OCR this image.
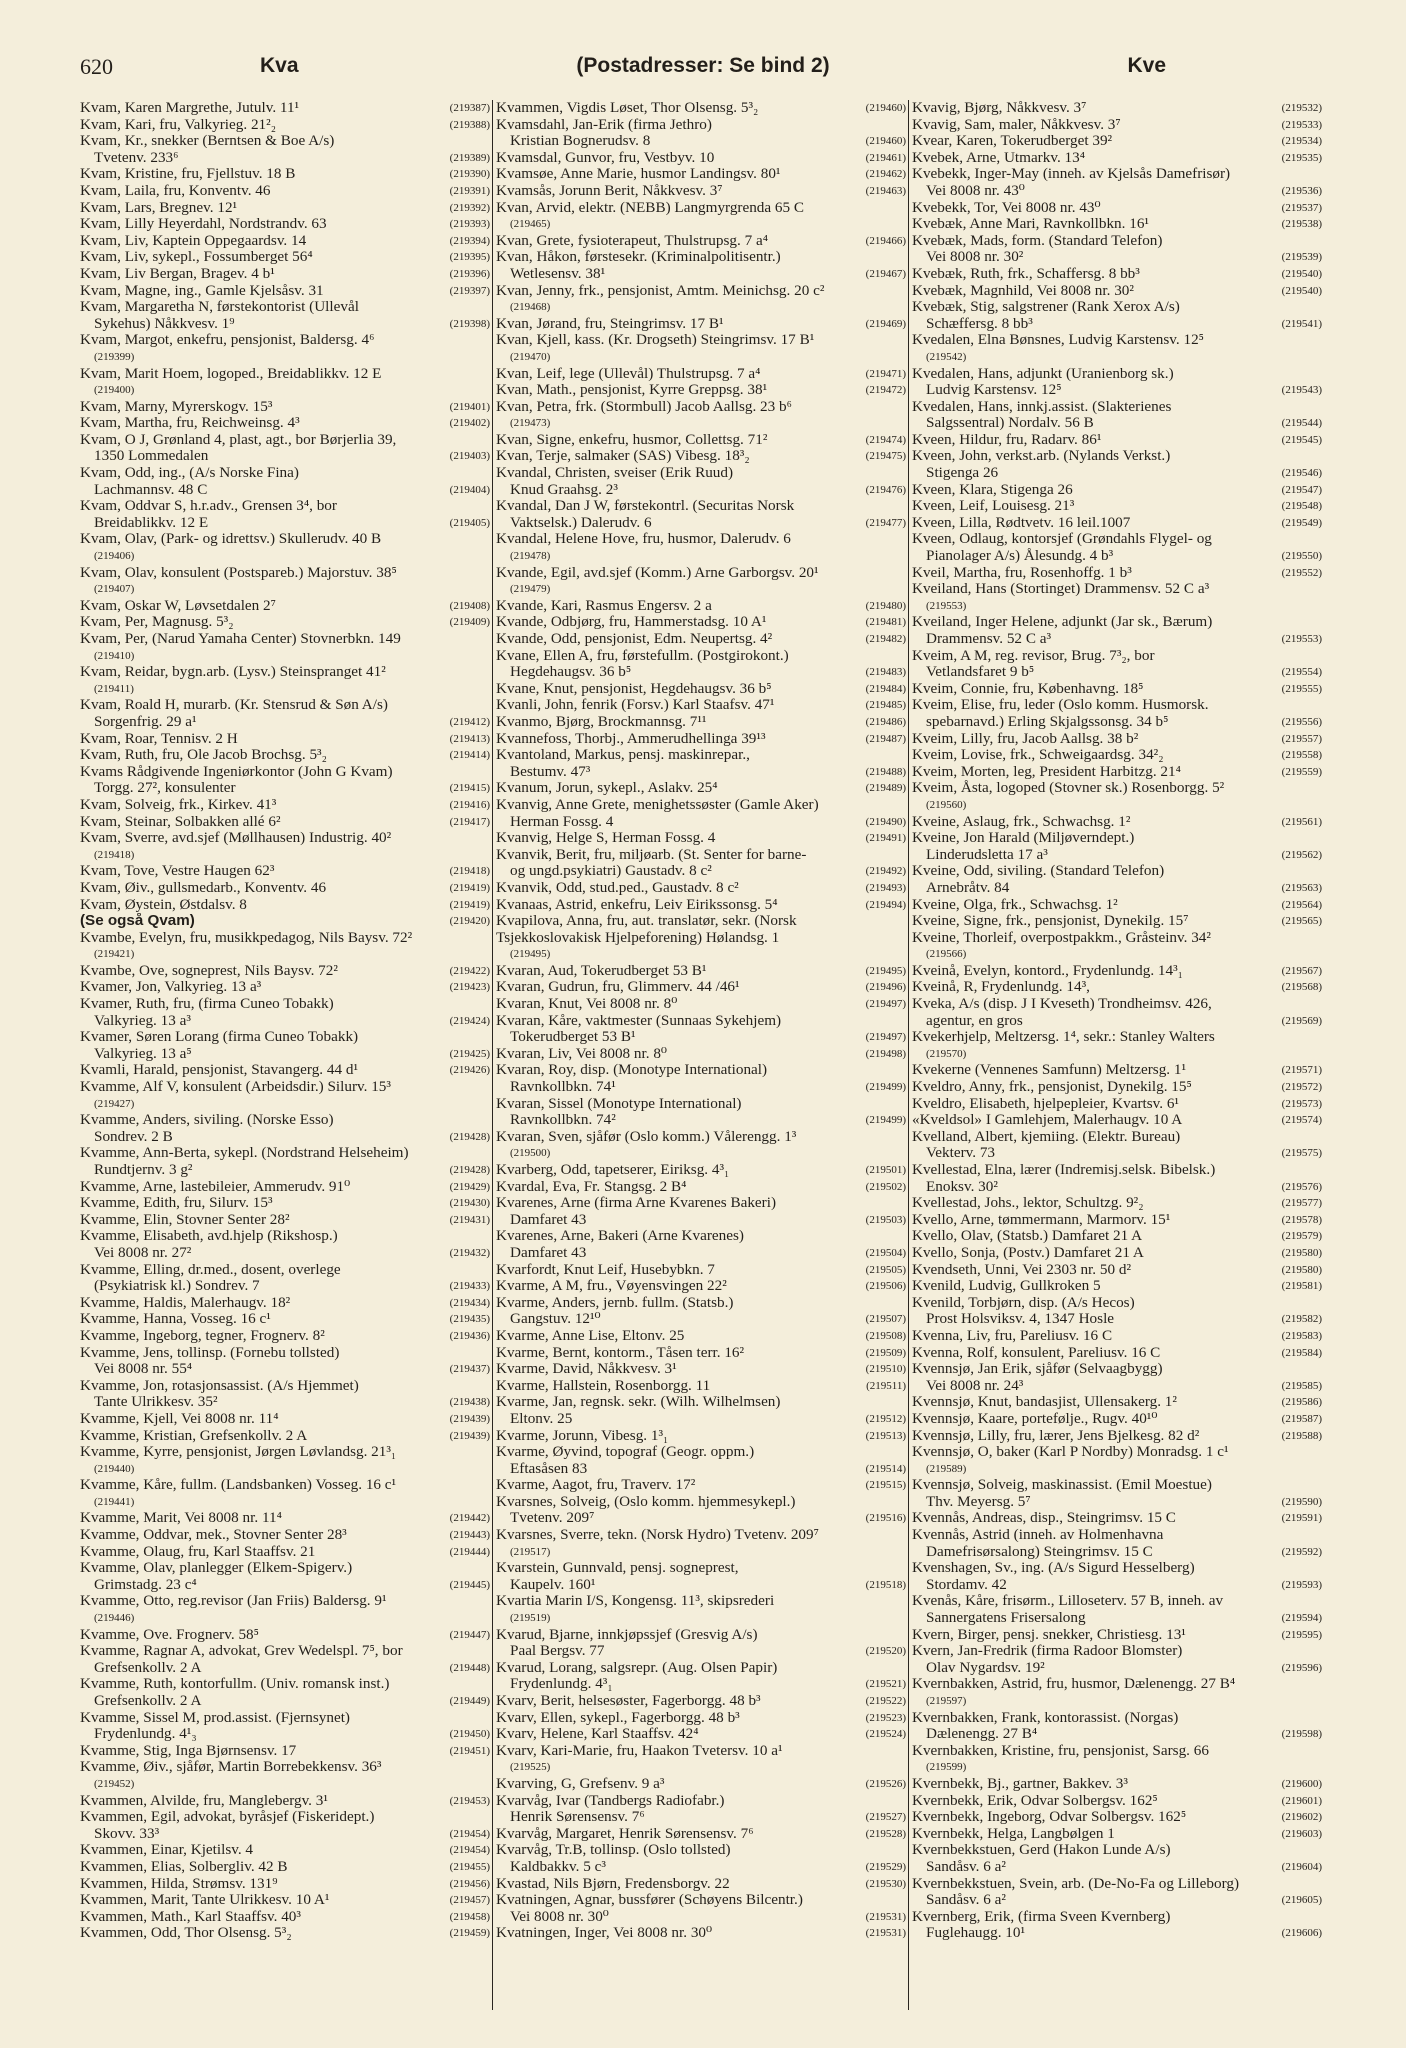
620	Kva	(Postadresser: Se bind 2)	Kve
Kvam, Karen Margrethe, Jutulv. 11¹	(219387)
Kvam, Kari, fru, Valkyrieg. 21²₂	(219388)
Kvam, Kr., snekker (Berntsen & Boe A/s)
Tvetenv. 233⁶	(219389)
Kvam, Kristine, fru, Fjellstuv. 18 B	(219390)
Kvam, Laila, fru, Konventv. 46	(219391)
Kvam, Lars, Bregnev. 12¹	(219392)
Kvam, Lilly Heyerdahl, Nordstrandv. 63	(219393)
Kvam, Liv, Kaptein Oppegaardsv. 14	(219394)
Kvam, Liv, sykepl., Fossumberget 56⁴	(219395)
Kvam, Liv Bergan, Bragev. 4 b¹	(219396)
Kvam, Magne, ing., Gamle Kjelsåsv. 31	(219397)
Kvam, Margaretha N, førstekontorist (Ullevål
Sykehus) Nåkkvesv. 1⁹	(219398)
Kvam, Margot, enkefru, pensjonist, Baldersg. 4⁶
(219399)
Kvam, Marit Hoem, logoped., Breidablikkv. 12 E
(219400)
Kvam, Marny, Myrerskogv. 15³	(219401)
Kvam, Martha, fru, Reichweinsg. 4³	(219402)
Kvam, O J, Grønland 4, plast, agt., bor Børjerlia 39,
1350 Lommedalen	(219403)
Kvam, Odd, ing., (A/s Norske Fina)
Lachmannsv. 48 C	(219404)
Kvam, Oddvar S, h.r.adv., Grensen 3⁴, bor
Breidablikkv. 12 E	(219405)
Kvam, Olav, (Park- og idrettsv.) Skullerudv. 40 B
(219406)
Kvam, Olav, konsulent (Postspareb.) Majorstuv. 38⁵
(219407)
Kvam, Oskar W, Løvsetdalen 2⁷	(219408)
Kvam, Per, Magnusg. 5³₂	(219409)
Kvam, Per, (Narud Yamaha Center) Stovnerbkn. 149
(219410)
Kvam, Reidar, bygn.arb. (Lysv.) Steinspranget 41²
(219411)
Kvam, Roald H, murarb. (Kr. Stensrud & Søn A/s)
Sorgenfrig. 29 a¹	(219412)
Kvam, Roar, Tennisv. 2 H	(219413)
Kvam, Ruth, fru, Ole Jacob Brochsg. 5³₂	(219414)
Kvams Rådgivende Ingeniørkontor (John G Kvam)
Torgg. 27², konsulenter	(219415)
Kvam, Solveig, frk., Kirkev. 41³	(219416)
Kvam, Steinar, Solbakken allé 6²	(219417)
Kvam, Sverre, avd.sjef (Møllhausen) Industrig. 40²
(219418)
Kvam, Tove, Vestre Haugen 62³	(219418)
Kvam, Øiv., gullsmedarb., Konventv. 46	(219419)
Kvam, Øystein, Østdalsv. 8	(219419)
(Se også Qvam)	(219420)
Kvambe, Evelyn, fru, musikkpedagog, Nils Baysv. 72²
(219421)
Kvambe, Ove, sogneprest, Nils Baysv. 72²	(219422)
Kvamer, Jon, Valkyrieg. 13 a³	(219423)
Kvamer, Ruth, fru, (firma Cuneo Tobakk)
Valkyrieg. 13 a³	(219424)
Kvamer, Søren Lorang (firma Cuneo Tobakk)
Valkyrieg. 13 a⁵	(219425)
Kvamli, Harald, pensjonist, Stavangerg. 44 d¹	(219426)
Kvamme, Alf V, konsulent (Arbeidsdir.) Silurv. 15³
(219427)
Kvamme, Anders, siviling. (Norske Esso)
Sondrev. 2 B	(219428)
Kvamme, Ann-Berta, sykepl. (Nordstrand Helseheim)
Rundtjernv. 3 g²	(219428)
Kvamme, Arne, lastebileier, Ammerudv. 91⁰	(219429)
Kvamme, Edith, fru, Silurv. 15³	(219430)
Kvamme, Elin, Stovner Senter 28²	(219431)
Kvamme, Elisabeth, avd.hjelp (Rikshosp.)
Vei 8008 nr. 27²	(219432)
Kvamme, Elling, dr.med., dosent, overlege
(Psykiatrisk kl.) Sondrev. 7	(219433)
Kvamme, Haldis, Malerhaugv. 18²	(219434)
Kvamme, Hanna, Vosseg. 16 c¹	(219435)
Kvamme, Ingeborg, tegner, Frognerv. 8²	(219436)
Kvamme, Jens, tollinsp. (Fornebu tollsted)
Vei 8008 nr. 55⁴	(219437)
Kvamme, Jon, rotasjonsassist. (A/s Hjemmet)
Tante Ulrikkesv. 35²	(219438)
Kvamme, Kjell, Vei 8008 nr. 11⁴	(219439)
Kvamme, Kristian, Grefsenkollv. 2 A	(219439)
Kvamme, Kyrre, pensjonist, Jørgen Løvlandsg. 21³₁
(219440)
Kvamme, Kåre, fullm. (Landsbanken) Vosseg. 16 c¹
(219441)
Kvamme, Marit, Vei 8008 nr. 11⁴	(219442)
Kvamme, Oddvar, mek., Stovner Senter 28³	(219443)
Kvamme, Olaug, fru, Karl Staaffsv. 21	(219444)
Kvamme, Olav, planlegger (Elkem-Spigerv.)
Grimstadg. 23 c⁴	(219445)
Kvamme, Otto, reg.revisor (Jan Friis) Baldersg. 9¹
(219446)
Kvamme, Ove. Frognerv. 58⁵	(219447)
Kvamme, Ragnar A, advokat, Grev Wedelspl. 7⁵, bor
Grefsenkollv. 2 A	(219448)
Kvamme, Ruth, kontorfullm. (Univ. romansk inst.)
Grefsenkollv. 2 A	(219449)
Kvamme, Sissel M, prod.assist. (Fjernsynet)
Frydenlundg. 4¹₃	(219450)
Kvamme, Stig, Inga Bjørnsensv. 17	(219451)
Kvamme, Øiv., sjåfør, Martin Borrebekkensv. 36³
(219452)
Kvammen, Alvilde, fru, Manglebergv. 3¹	(219453)
Kvammen, Egil, advokat, byråsjef (Fiskeridept.)
Skovv. 33³	(219454)
Kvammen, Einar, Kjetilsv. 4	(219454)
Kvammen, Elias, Solbergliv. 42 B	(219455)
Kvammen, Hilda, Strømsv. 131⁹	(219456)
Kvammen, Marit, Tante Ulrikkesv. 10 A¹	(219457)
Kvammen, Math., Karl Staaffsv. 40³	(219458)
Kvammen, Odd, Thor Olsensg. 5³₂	(219459)
Kvammen, Vigdis Løset, Thor Olsensg. 5³₂	(219460)
Kvamsdahl, Jan-Erik (firma Jethro)
Kristian Bognerudsv. 8	(219460)
Kvamsdal, Gunvor, fru, Vestbyv. 10	(219461)
Kvamsøe, Anne Marie, husmor Landingsv. 80¹	(219462)
Kvamsås, Jorunn Berit, Nåkkvesv. 3⁷	(219463)
Kvan, Arvid, elektr. (NEBB) Langmyrgrenda 65 C
(219465)
Kvan, Grete, fysioterapeut, Thulstrupsg. 7 a⁴	(219466)
Kvan, Håkon, førstesekr. (Kriminalpolitisentr.)
Wetlesensv. 38¹	(219467)
Kvan, Jenny, frk., pensjonist, Amtm. Meinichsg. 20 c²
(219468)
Kvan, Jørand, fru, Steingrimsv. 17 B¹	(219469)
Kvan, Kjell, kass. (Kr. Drogseth) Steingrimsv. 17 B¹
(219470)
Kvan, Leif, lege (Ullevål) Thulstrupsg. 7 a⁴	(219471)
Kvan, Math., pensjonist, Kyrre Greppsg. 38¹	(219472)
Kvan, Petra, frk. (Stormbull) Jacob Aallsg. 23 b⁶
(219473)
Kvan, Signe, enkefru, husmor, Collettsg. 71²	(219474)
Kvan, Terje, salmaker (SAS) Vibesg. 18³₂	(219475)
Kvandal, Christen, sveiser (Erik Ruud)
Knud Graahsg. 2³	(219476)
Kvandal, Dan J W, førstekontrl. (Securitas Norsk
Vaktselsk.) Dalerudv. 6	(219477)
Kvandal, Helene Hove, fru, husmor, Dalerudv. 6
(219478)
Kvande, Egil, avd.sjef (Komm.) Arne Garborgsv. 20¹
(219479)
Kvande, Kari, Rasmus Engersv. 2 a	(219480)
Kvande, Odbjørg, fru, Hammerstadsg. 10 A¹	(219481)
Kvande, Odd, pensjonist, Edm. Neupertsg. 4²	(219482)
Kvane, Ellen A, fru, førstefullm. (Postgirokont.)
Hegdehaugsv. 36 b⁵	(219483)
Kvane, Knut, pensjonist, Hegdehaugsv. 36 b⁵	(219484)
Kvanli, John, fenrik (Forsv.) Karl Staafsv. 47¹	(219485)
Kvanmo, Bjørg, Brockmannsg. 7¹¹	(219486)
Kvannefoss, Thorbj., Ammerudhellinga 39¹³	(219487)
Kvantoland, Markus, pensj. maskinrepar.,
Bestumv. 47³	(219488)
Kvanum, Jorun, sykepl., Aslakv. 25⁴	(219489)
Kvanvig, Anne Grete, menighetssøster (Gamle Aker)
Herman Fossg. 4	(219490)
Kvanvig, Helge S, Herman Fossg. 4	(219491)
Kvanvik, Berit, fru, miljøarb. (St. Senter for barne-
og ungd.psykiatri) Gaustadv. 8 c²	(219492)
Kvanvik, Odd, stud.ped., Gaustadv. 8 c²	(219493)
Kvanaas, Astrid, enkefru, Leiv Eirikssonsg. 5⁴	(219494)
Kvapilova, Anna, fru, aut. translatør, sekr. (Norsk
Tsjekkoslovakisk Hjelpeforening) Hølandsg. 1
(219495)
Kvaran, Aud, Tokerudberget 53 B¹	(219495)
Kvaran, Gudrun, fru, Glimmerv. 44 /46¹	(219496)
Kvaran, Knut, Vei 8008 nr. 8⁰	(219497)
Kvaran, Kåre, vaktmester (Sunnaas Sykehjem)
Tokerudberget 53 B¹	(219497)
Kvaran, Liv, Vei 8008 nr. 8⁰	(219498)
Kvaran, Roy, disp. (Monotype International)
Ravnkollbkn. 74¹	(219499)
Kvaran, Sissel (Monotype International)
Ravnkollbkn. 74²	(219499)
Kvaran, Sven, sjåfør (Oslo komm.) Vålerengg. 1³
(219500)
Kvarberg, Odd, tapetserer, Eiriksg. 4³₁	(219501)
Kvardal, Eva, Fr. Stangsg. 2 B⁴	(219502)
Kvarenes, Arne (firma Arne Kvarenes Bakeri)
Damfaret 43	(219503)
Kvarenes, Arne, Bakeri (Arne Kvarenes)
Damfaret 43	(219504)
Kvarfordt, Knut Leif, Husebybkn. 7	(219505)
Kvarme, A M, fru., Vøyensvingen 22²	(219506)
Kvarme, Anders, jernb. fullm. (Statsb.)
Gangstuv. 12¹⁰	(219507)
Kvarme, Anne Lise, Eltonv. 25	(219508)
Kvarme, Bernt, kontorm., Tåsen terr. 16²	(219509)
Kvarme, David, Nåkkvesv. 3¹	(219510)
Kvarme, Hallstein, Rosenborgg. 11	(219511)
Kvarme, Jan, regnsk. sekr. (Wilh. Wilhelmsen)
Eltonv. 25	(219512)
Kvarme, Jorunn, Vibesg. 1³₁	(219513)
Kvarme, Øyvind, topograf (Geogr. oppm.)
Eftasåsen 83	(219514)
Kvarme, Aagot, fru, Traverv. 17²	(219515)
Kvarsnes, Solveig, (Oslo komm. hjemmesykepl.)
Tvetenv. 209⁷	(219516)
Kvarsnes, Sverre, tekn. (Norsk Hydro) Tvetenv. 209⁷
(219517)
Kvarstein, Gunnvald, pensj. sogneprest,
Kaupelv. 160¹	(219518)
Kvartia Marin I/S, Kongensg. 11³, skipsrederi
(219519)
Kvarud, Bjarne, innkjøpssjef (Gresvig A/s)
Paal Bergsv. 77	(219520)
Kvarud, Lorang, salgsrepr. (Aug. Olsen Papir)
Frydenlundg. 4³₁	(219521)
Kvarv, Berit, helsesøster, Fagerborgg. 48 b³	(219522)
Kvarv, Ellen, sykepl., Fagerborgg. 48 b³	(219523)
Kvarv, Helene, Karl Staaffsv. 42⁴	(219524)
Kvarv, Kari-Marie, fru, Haakon Tvetersv. 10 a¹
(219525)
Kvarving, G, Grefsenv. 9 a³	(219526)
Kvarvåg, Ivar (Tandbergs Radiofabr.)
Henrik Sørensensv. 7⁶	(219527)
Kvarvåg, Margaret, Henrik Sørensensv. 7⁶	(219528)
Kvarvåg, Tr.B, tollinsp. (Oslo tollsted)
Kaldbakkv. 5 c³	(219529)
Kvastad, Nils Bjørn, Fredensborgv. 22	(219530)
Kvatningen, Agnar, bussfører (Schøyens Bilcentr.)
Vei 8008 nr. 30⁰	(219531)
Kvatningen, Inger, Vei 8008 nr. 30⁰	(219531)
Kvavig, Bjørg, Nåkkvesv. 3⁷	(219532)
Kvavig, Sam, maler, Nåkkvesv. 3⁷	(219533)
Kvear, Karen, Tokerudberget 39²	(219534)
Kvebek, Arne, Utmarkv. 13⁴	(219535)
Kvebekk, Inger-May (inneh. av Kjelsås Damefrisør)
Vei 8008 nr. 43⁰	(219536)
Kvebekk, Tor, Vei 8008 nr. 43⁰	(219537)
Kvebæk, Anne Mari, Ravnkollbkn. 16¹	(219538)
Kvebæk, Mads, form. (Standard Telefon)
Vei 8008 nr. 30²	(219539)
Kvebæk, Ruth, frk., Schaffersg. 8 bb³	(219540)
Kvebæk, Magnhild, Vei 8008 nr. 30²	(219540)
Kvebæk, Stig, salgstrener (Rank Xerox A/s)
Schæffersg. 8 bb³	(219541)
Kvedalen, Elna Bønsnes, Ludvig Karstensv. 12⁵
(219542)
Kvedalen, Hans, adjunkt (Uranienborg sk.)
Ludvig Karstensv. 12⁵	(219543)
Kvedalen, Hans, innkj.assist. (Slakterienes
Salgssentral) Nordalv. 56 B	(219544)
Kveen, Hildur, fru, Radarv. 86¹	(219545)
Kveen, John, verkst.arb. (Nylands Verkst.)
Stigenga 26	(219546)
Kveen, Klara, Stigenga 26	(219547)
Kveen, Leif, Louisesg. 21³	(219548)
Kveen, Lilla, Rødtvetv. 16 leil.1007	(219549)
Kveen, Odlaug, kontorsjef (Grøndahls Flygel- og
Pianolager A/s) Ålesundg. 4 b³	(219550)
Kveil, Martha, fru, Rosenhoffg. 1 b³	(219552)
Kveiland, Hans (Stortinget) Drammensv. 52 C a³
(219553)
Kveiland, Inger Helene, adjunkt (Jar sk., Bærum)
Drammensv. 52 C a³	(219553)
Kveim, A M, reg. revisor, Brug. 7³₂, bor
Vetlandsfaret 9 b⁵	(219554)
Kveim, Connie, fru, Københavng. 18⁵	(219555)
Kveim, Elise, fru, leder (Oslo komm. Husmorsk.
spebarnavd.) Erling Skjalgssonsg. 34 b⁵	(219556)
Kveim, Lilly, fru, Jacob Aallsg. 38 b²	(219557)
Kveim, Lovise, frk., Schweigaardsg. 34²₂	(219558)
Kveim, Morten, leg, President Harbitzg. 21⁴	(219559)
Kveim, Åsta, logoped (Stovner sk.) Rosenborgg. 5²
(219560)
Kveine, Aslaug, frk., Schwachsg. 1²	(219561)
Kveine, Jon Harald (Miljøverndept.)
Linderudsletta 17 a³	(219562)
Kveine, Odd, siviling. (Standard Telefon)
Arnebråtv. 84	(219563)
Kveine, Olga, frk., Schwachsg. 1²	(219564)
Kveine, Signe, frk., pensjonist, Dynekilg. 15⁷	(219565)
Kveine, Thorleif, overpostpakkm., Gråsteinv. 34²
(219566)
Kveinå, Evelyn, kontord., Frydenlundg. 14³₁	(219567)
Kveinå, R, Frydenlundg. 14³,	(219568)
Kveka, A/s (disp. J I Kveseth) Trondheimsv. 426,
agentur, en gros	(219569)
Kvekerhjelp, Meltzersg. 1⁴, sekr.: Stanley Walters
(219570)
Kvekerne (Vennenes Samfunn) Meltzersg. 1¹	(219571)
Kveldro, Anny, frk., pensjonist, Dynekilg. 15⁵	(219572)
Kveldro, Elisabeth, hjelpepleier, Kvartsv. 6¹	(219573)
«Kveldsol» I Gamlehjem, Malerhaugv. 10 A	(219574)
Kvelland, Albert, kjemiing. (Elektr. Bureau)
Vekterv. 73	(219575)
Kvellestad, Elna, lærer (Indremisj.selsk. Bibelsk.)
Enoksv. 30²	(219576)
Kvellestad, Johs., lektor, Schultzg. 9²₂	(219577)
Kvello, Arne, tømmermann, Marmorv. 15¹	(219578)
Kvello, Olav, (Statsb.) Damfaret 21 A	(219579)
Kvello, Sonja, (Postv.) Damfaret 21 A	(219580)
Kvendseth, Unni, Vei 2303 nr. 50 d²	(219580)
Kvenild, Ludvig, Gullkroken 5	(219581)
Kvenild, Torbjørn, disp. (A/s Hecos)
Prost Holsviksv. 4, 1347 Hosle	(219582)
Kvenna, Liv, fru, Pareliusv. 16 C	(219583)
Kvenna, Rolf, konsulent, Pareliusv. 16 C	(219584)
Kvennsjø, Jan Erik, sjåfør (Selvaagbygg)
Vei 8008 nr. 24³	(219585)
Kvennsjø, Knut, bandasjist, Ullensakerg. 1²	(219586)
Kvennsjø, Kaare, portefølje., Rugv. 40¹⁰	(219587)
Kvennsjø, Lilly, fru, lærer, Jens Bjelkesg. 82 d²	(219588)
Kvennsjø, O, baker (Karl P Nordby) Monradsg. 1 c¹
(219589)
Kvennsjø, Solveig, maskinassist. (Emil Moestue)
Thv. Meyersg. 5⁷	(219590)
Kvennås, Andreas, disp., Steingrimsv. 15 C	(219591)
Kvennås, Astrid (inneh. av Holmenhavna
Damefrisørsalong) Steingrimsv. 15 C	(219592)
Kvenshagen, Sv., ing. (A/s Sigurd Hesselberg)
Stordamv. 42	(219593)
Kvenås, Kåre, frisørm., Lilloseterv. 57 B, inneh. av
Sannergatens Frisersalong	(219594)
Kvern, Birger, pensj. snekker, Christiesg. 13¹	(219595)
Kvern, Jan-Fredrik (firma Radoor Blomster)
Olav Nygardsv. 19²	(219596)
Kvernbakken, Astrid, fru, husmor, Dælenengg. 27 B⁴
(219597)
Kvernbakken, Frank, kontorassist. (Norgas)
Dælenengg. 27 B⁴	(219598)
Kvernbakken, Kristine, fru, pensjonist, Sarsg. 66
(219599)
Kvernbekk, Bj., gartner, Bakkev. 3³	(219600)
Kvernbekk, Erik, Odvar Solbergsv. 162⁵	(219601)
Kvernbekk, Ingeborg, Odvar Solbergsv. 162⁵	(219602)
Kvernbekk, Helga, Langbølgen 1	(219603)
Kvernbekkstuen, Gerd (Hakon Lunde A/s)
Sandåsv. 6 a²	(219604)
Kvernbekkstuen, Svein, arb. (De-No-Fa og Lilleborg)
Sandåsv. 6 a²	(219605)
Kvernberg, Erik, (firma Sveen Kvernberg)
Fuglehaugg. 10¹	(219606)
